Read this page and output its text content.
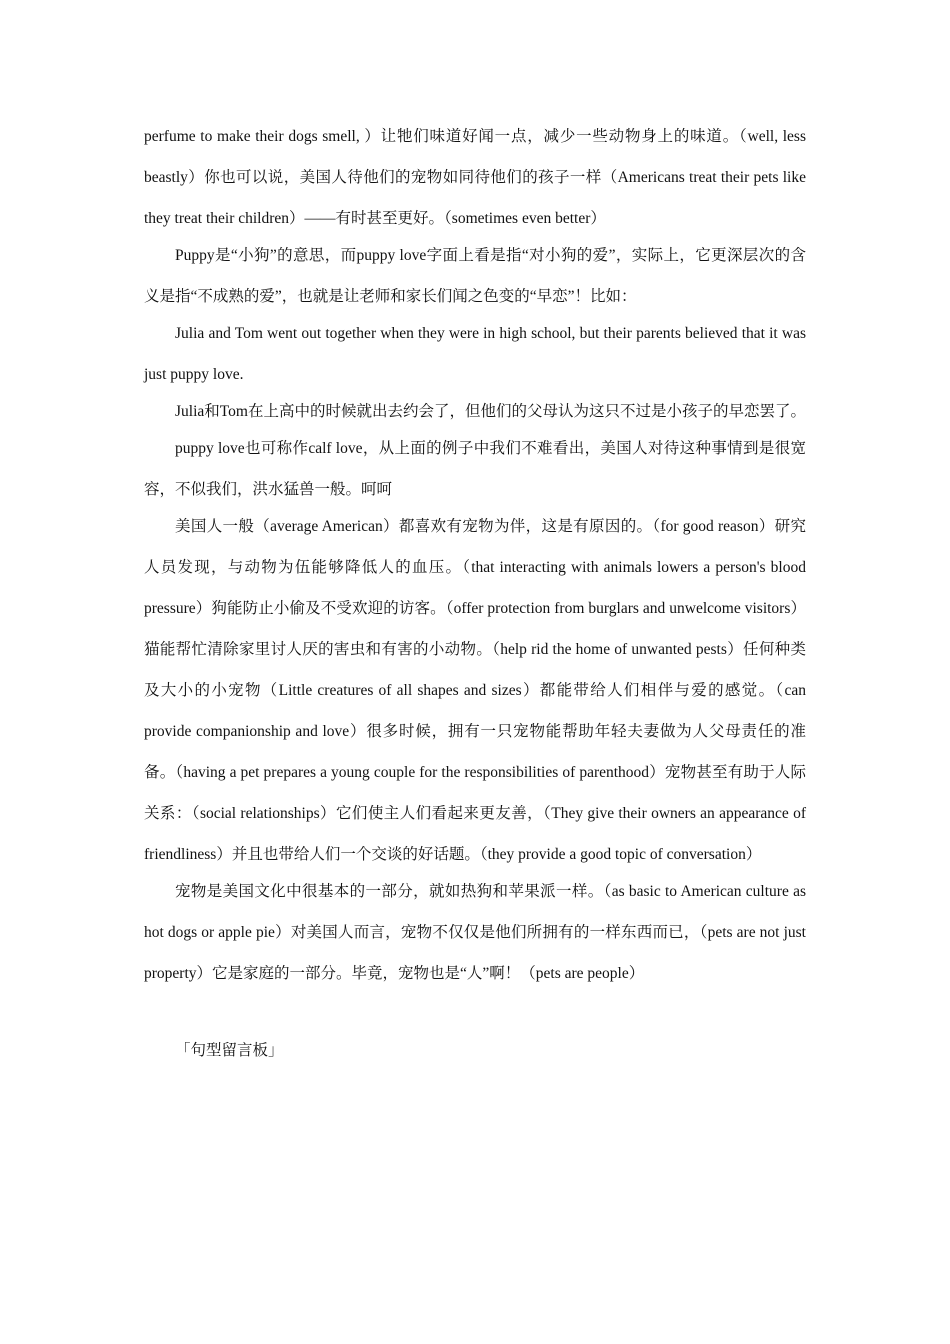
perfume to make their dogs smell, ）让牠们味道好闻一点，减少一些动物身上的味道。（well, less beastly）你也可以说，美国人待他们的宠物如同待他们的孩子一样（Americans treat their pets like they treat their children）——有时甚至更好。（sometimes even better）

Puppy是“小狗”的意思，而puppy love字面上看是指“对小狗的爱”，实际上，它更深层次的含义是指“不成熟的爱”，也就是让老师和家长们闻之色变的“早恋”！比如：

Julia and Tom went out together when they were in high school, but their parents believed that it was just puppy love.

Julia和Tom在上高中的时候就出去约会了，但他们的父母认为这只不过是小孩子的早恋罢了。

puppy love也可称作calf love，从上面的例子中我们不难看出，美国人对待这种事情到是很宽容，不似我们，洪水猛兽一般。呵呵

美国人一般（average American）都喜欢有宠物为伴，这是有原因的。（for good reason）研究人员发现，与动物为伍能够降低人的血压。（that interacting with animals lowers a person's blood pressure）狗能防止小偷及不受欢迎的访客。（offer protection from burglars and unwelcome visitors）猫能帮忙清除家里讨人厌的害虫和有害的小动物。（help rid the home of unwanted pests）任何种类及大小的小宠物（Little creatures of all shapes and sizes）都能带给人们相伴与爱的感觉。（can provide companionship and love）很多时候，拥有一只宠物能帮助年轻夫妻做为人父母责任的准备。（having a pet prepares a young couple for the responsibilities of parenthood）宠物甚至有助于人际关系：（social relationships）它们使主人们看起来更友善，（They give their owners an appearance of friendliness）并且也带给人们一个交谈的好话题。（they provide a good topic of conversation）

宠物是美国文化中很基本的一部分，就如热狗和苹果派一样。（as basic to American culture as hot dogs or apple pie）对美国人而言，宠物不仅仅是他们所拥有的一样东西而已，（pets are not just property）它是家庭的一部分。毕竟，宠物也是“人”啊！（pets are people）

「句型留言板」
